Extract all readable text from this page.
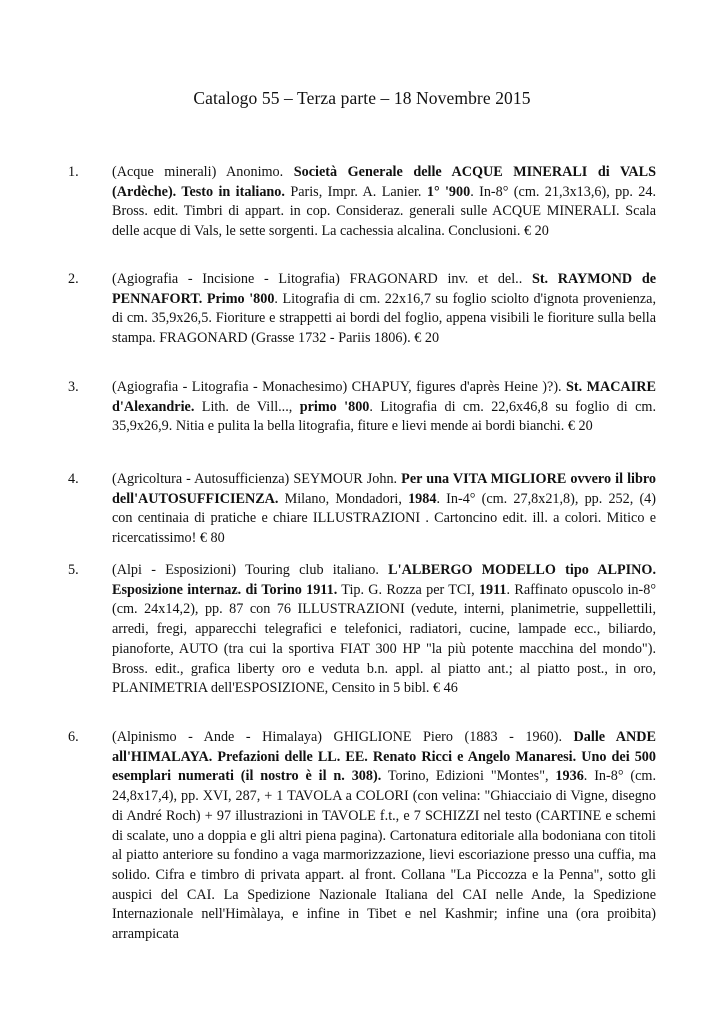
Catalogo 55 – Terza parte – 18 Novembre 2015
1. (Acque minerali) Anonimo. Società Generale delle ACQUE MINERALI di VALS (Ardèche). Testo in italiano. Paris, Impr. A. Lanier. 1° '900. In-8° (cm. 21,3x13,6), pp. 24. Bross. edit. Timbri di appart. in cop. Consideraz. generali sulle ACQUE MINERALI. Scala delle acque di Vals, le sette sorgenti. La cachessia alcalina. Conclusioni. € 20
2. (Agiografia - Incisione - Litografia) FRAGONARD inv. et del.. St. RAYMOND de PENNAFORT. Primo '800. Litografia di cm. 22x16,7 su foglio sciolto d'ignota provenienza, di cm. 35,9x26,5. Fioriture e strappetti ai bordi del foglio, appena visibili le fioriture sulla bella stampa. FRAGONARD (Grasse 1732 - Pariis 1806). € 20
3. (Agiografia - Litografia - Monachesimo) CHAPUY, figures d'après Heine )?). St. MACAIRE d'Alexandrie. Lith. de Vill..., primo '800. Litografia di cm. 22,6x46,8 su foglio di cm. 35,9x26,9. Nitia e pulita la bella litografia, fiture e lievi mende ai bordi bianchi. € 20
4. (Agricoltura - Autosufficienza) SEYMOUR John. Per una VITA MIGLIORE ovvero il libro dell'AUTOSUFFICIENZA. Milano, Mondadori, 1984. In-4° (cm. 27,8x21,8), pp. 252, (4) con centinaia di pratiche e chiare ILLUSTRAZIONI . Cartoncino edit. ill. a colori. Mitico e ricercatissimo! € 80
5. (Alpi - Esposizioni) Touring club italiano. L'ALBERGO MODELLO tipo ALPINO. Esposizione internaz. di Torino 1911. Tip. G. Rozza per TCI, 1911. Raffinato opuscolo in-8° (cm. 24x14,2), pp. 87 con 76 ILLUSTRAZIONI (vedute, interni, planimetrie, suppellettili, arredi, fregi, apparecchi telegrafici e telefonici, radiatori, cucine, lampade ecc., biliardo, pianoforte, AUTO (tra cui la sportiva FIAT 300 HP "la più potente macchina del mondo"). Bross. edit., grafica liberty oro e veduta b.n. appl. al piatto ant.; al piatto post., in oro, PLANIMETRIA dell'ESPOSIZIONE, Censito in 5 bibl. € 46
6. (Alpinismo - Ande - Himalaya) GHIGLIONE Piero (1883 - 1960). Dalle ANDE all'HIMALAYA. Prefazioni delle LL. EE. Renato Ricci e Angelo Manaresi. Uno dei 500 esemplari numerati (il nostro è il n. 308). Torino, Edizioni "Montes", 1936. In-8° (cm. 24,8x17,4), pp. XVI, 287, + 1 TAVOLA a COLORI (con velina: "Ghiacciaio di Vigne, disegno di André Roch) + 97 illustrazioni in TAVOLE f.t., e 7 SCHIZZI nel testo (CARTINE e schemi di scalate, uno a doppia e gli altri piena pagina). Cartonatura editoriale alla bodoniana con titoli al piatto anteriore su fondino a vaga marmorizzazione, lievi escoriazione presso una cuffia, ma solido. Cifra e timbro di privata appart. al front. Collana "La Piccozza e la Penna", sotto gli auspici del CAI. La Spedizione Nazionale Italiana del CAI nelle Ande, la Spedizione Internazionale nell'Himàlaya, e infine in Tibet e nel Kashmir; infine una (ora proibita) arrampicata
